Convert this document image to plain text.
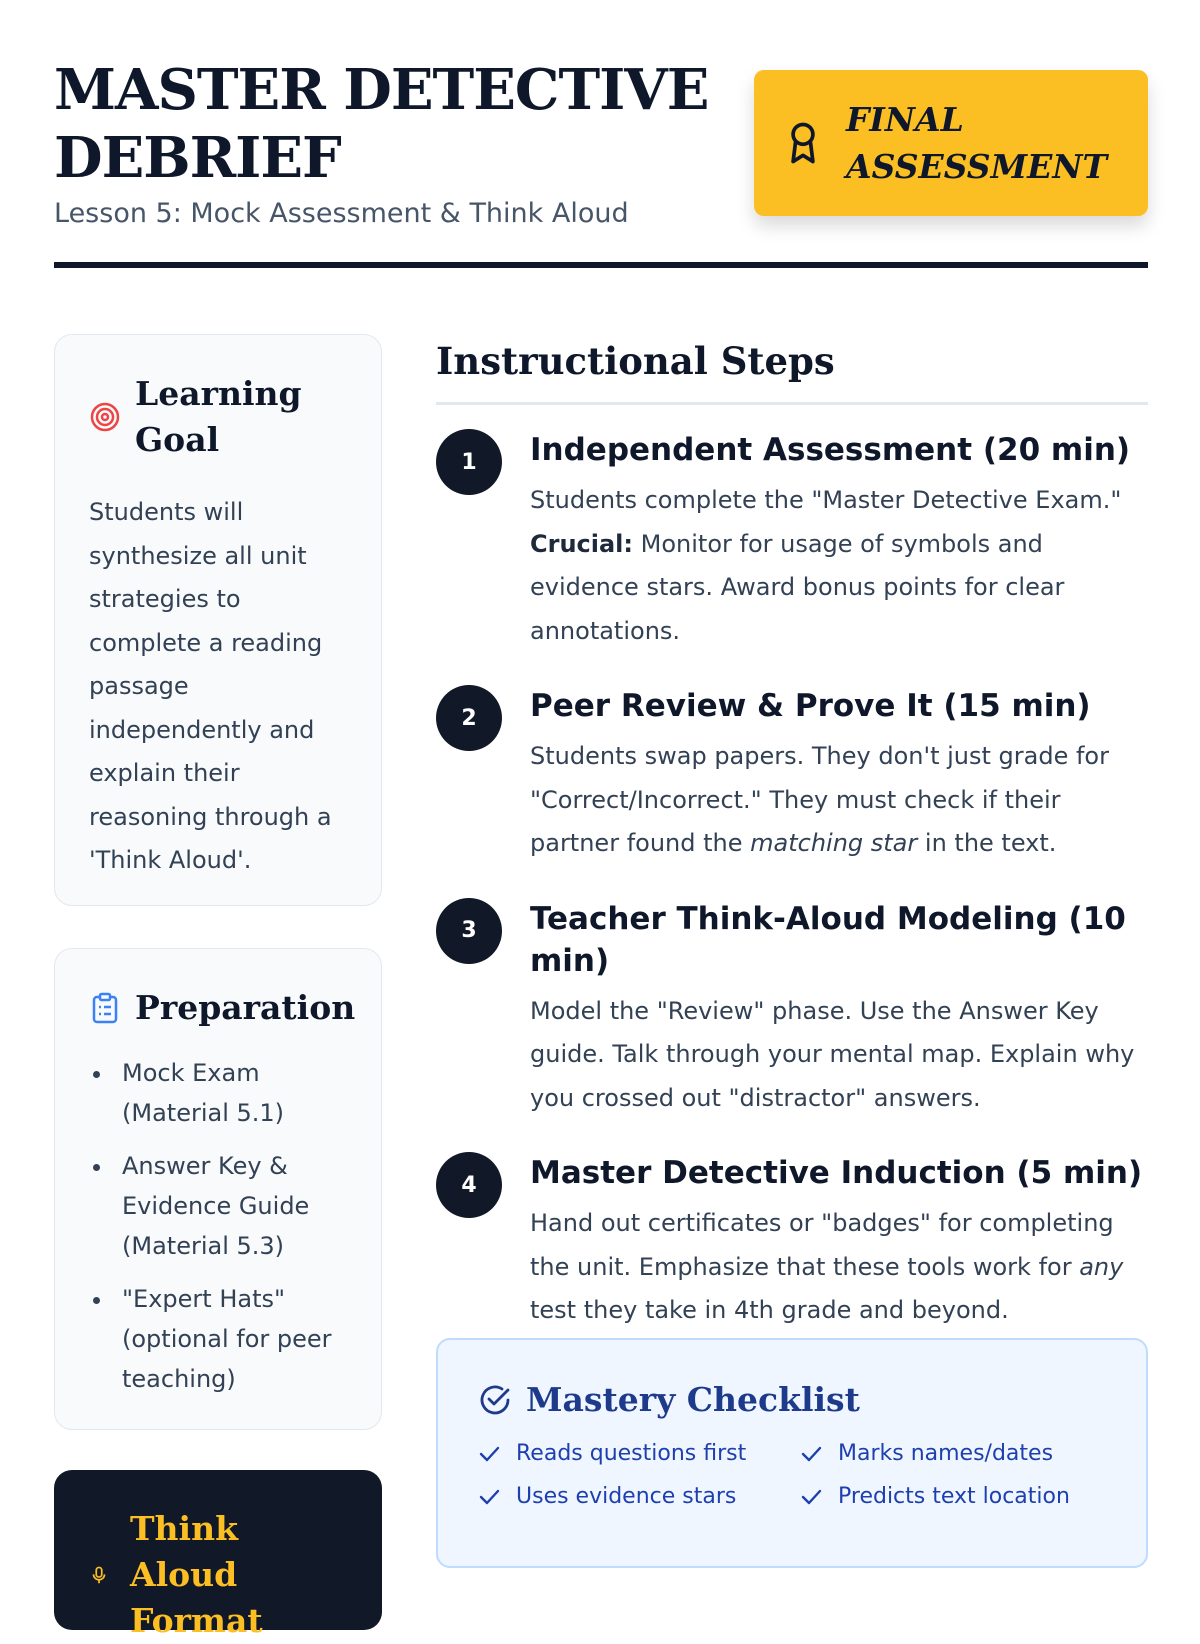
MASTER DETECTIVE DEBRIEF
Lesson 5: Mock Assessment & Think Aloud
FINAL ASSESSMENT
Learning Goal

Students will synthesize all unit strategies to complete a reading passage independently and explain their reasoning through a 'Think Aloud'.

Preparation
Mock Exam (Material 5.1)
Answer Key & Evidence Guide (Material 5.3)
"Expert Hats" (optional for peer teaching)
Think Aloud Format
Instructional Steps
1	Independent Assessment (20 min)

Students complete the "Master Detective Exam." Crucial: Monitor for usage of symbols and evidence stars. Award bonus points for clear annotations.

2	Peer Review & Prove It (15 min)

Students swap papers. They don't just grade for "Correct/Incorrect." They must check if their partner found the matching star in the text.

3	Teacher Think-Aloud Modeling (10 min)

Model the "Review" phase. Use the Answer Key guide. Talk through your mental map. Explain why you crossed out "distractor" answers.

4	Master Detective Induction (5 min)

Hand out certificates or "badges" for completing the unit. Emphasize that these tools work for any test they take in 4th grade and beyond.

Mastery Checklist
Reads questions first	Marks names/dates
Uses evidence stars	Predicts text location
